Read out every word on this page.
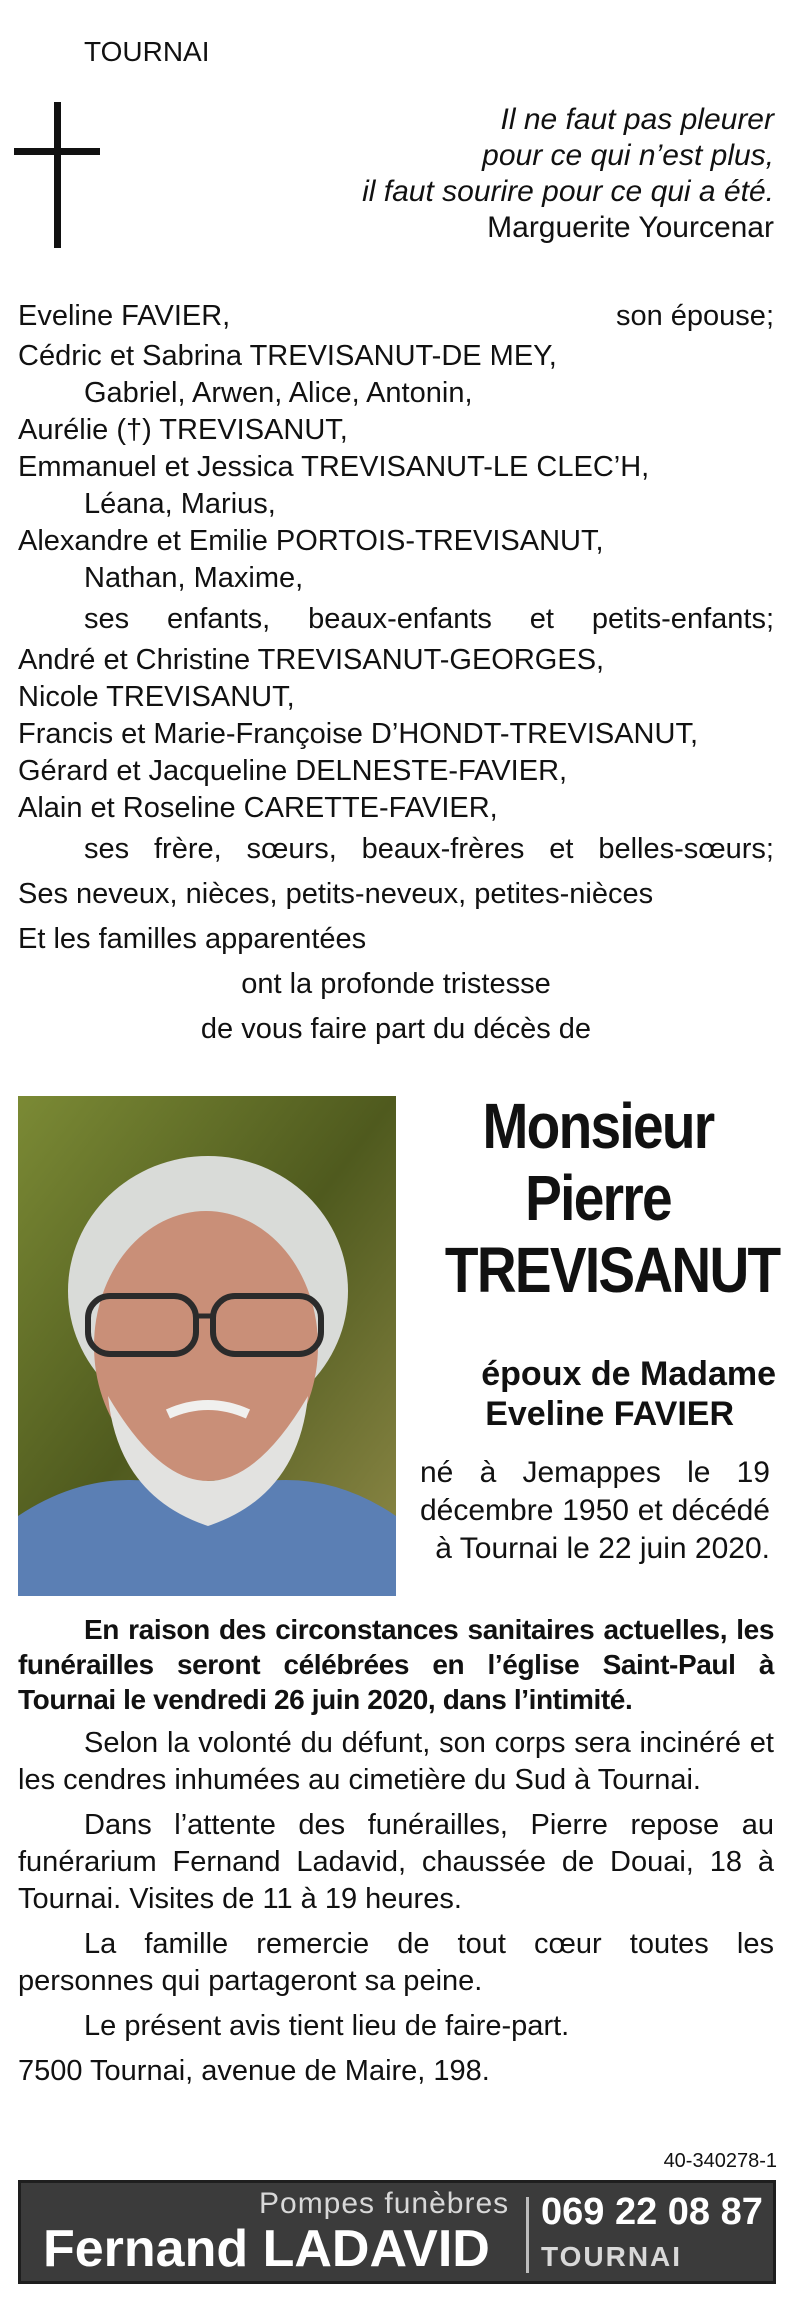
TOURNAI
Il ne faut pas pleurer
pour ce qui n’est plus,
il faut sourire pour ce qui a été.
Marguerite Yourcenar
Eveline FAVIER,	son épouse;
Cédric et Sabrina TREVISANUT-DE MEY,
Gabriel, Arwen, Alice, Antonin,
Aurélie (†) TREVISANUT,
Emmanuel et Jessica TREVISANUT-LE CLEC’H,
Léana, Marius,
Alexandre et Emilie PORTOIS-TREVISANUT,
Nathan, Maxime,
ses enfants, beaux-enfants et petits-enfants;
André et Christine TREVISANUT-GEORGES,
Nicole TREVISANUT,
Francis et Marie-Françoise D’HONDT-TREVISANUT,
Gérard et Jacqueline DELNESTE-FAVIER,
Alain et Roseline CARETTE-FAVIER,
ses frère, sœurs, beaux-frères et belles-sœurs;
Ses neveux, nièces, petits-neveux, petites-nièces
Et les familles apparentées
ont la profonde tristesse
de vous faire part du décès de
Monsieur
Pierre
TREVISANUT
époux de Madame
Eveline FAVIER
né à Jemappes le 19 décembre 1950 et décédé à Tournai le 22 juin 2020.

En raison des circonstances sanitaires actuelles, les funérailles seront célébrées en l’église Saint-Paul à Tournai le vendredi 26 juin 2020, dans l’intimité.

Selon la volonté du défunt, son corps sera incinéré et les cendres inhumées au cimetière du Sud à Tournai.

Dans l’attente des funérailles, Pierre repose au funérarium Fernand Ladavid, chaussée de Douai, 18 à Tournai. Visites de 11 à 19 heures.

La famille remercie de tout cœur toutes les personnes qui partageront sa peine.

Le présent avis tient lieu de faire-part.

7500 Tournai, avenue de Maire, 198.

40-340278-1
Pompes funèbres
Fernand LADAVID
069 22 08 87
TOURNAI
